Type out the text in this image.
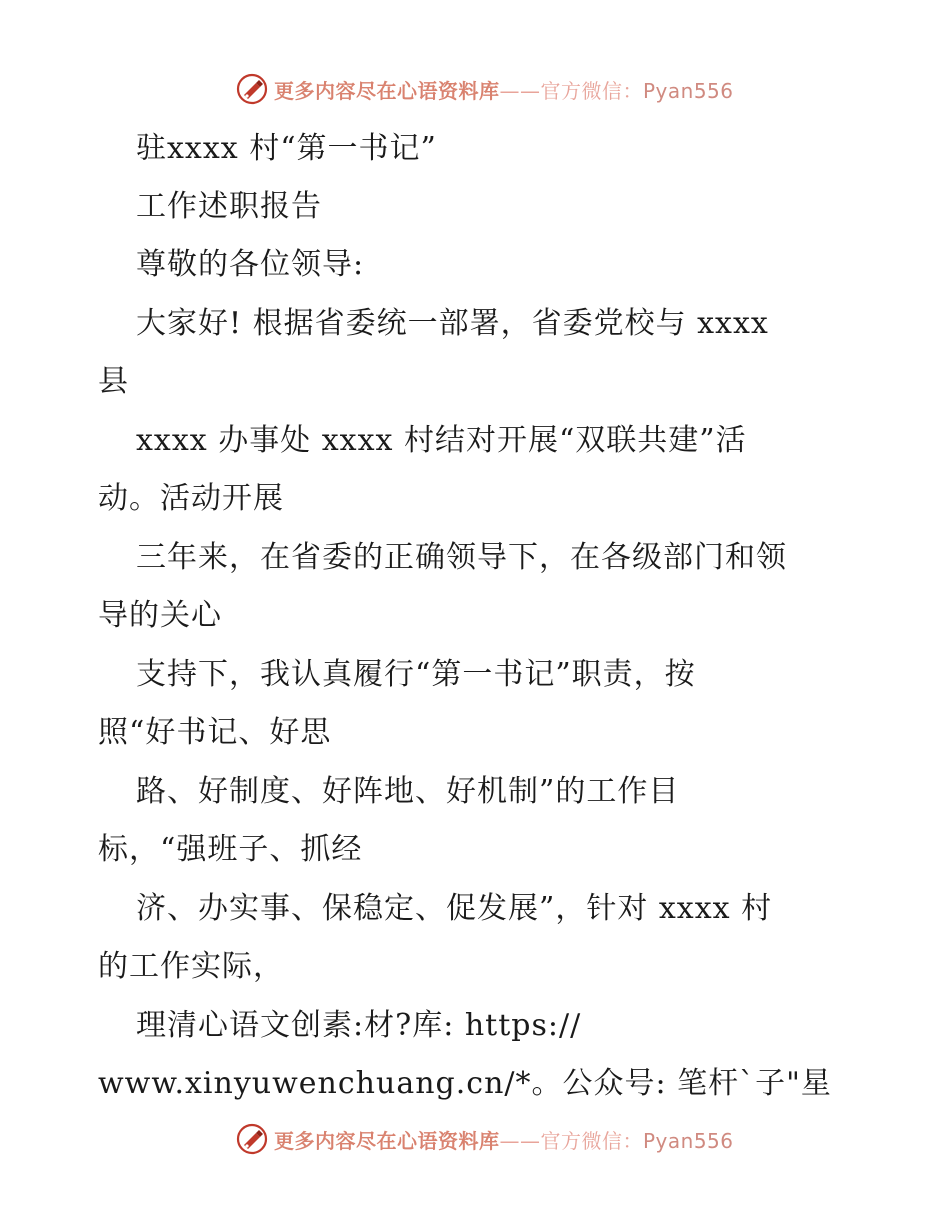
更多内容尽在心语资料库——官方微信：Pyan556
驻xxxx 村“第一书记”
工作述职报告
尊敬的各位领导:
大家好! 根据省委统一部署，省委党校与 xxxx
县
xxxx 办事处 xxxx 村结对开展“双联共建”活
动。活动开展
三年来，在省委的正确领导下，在各级部门和领
导的关心
支持下，我认真履行“第一书记”职责，按
照“好书记、好思
路、好制度、好阵地、好机制”的工作目
标，“强班子、抓经
济、办实事、保稳定、促发展”，针对 xxxx 村
的工作实际，
理清心语文创素:材?库: https://
www.xinyuwenchuang.cn/*。公众号: 笔杆`子"星
更多内容尽在心语资料库——官方微信：Pyan556
